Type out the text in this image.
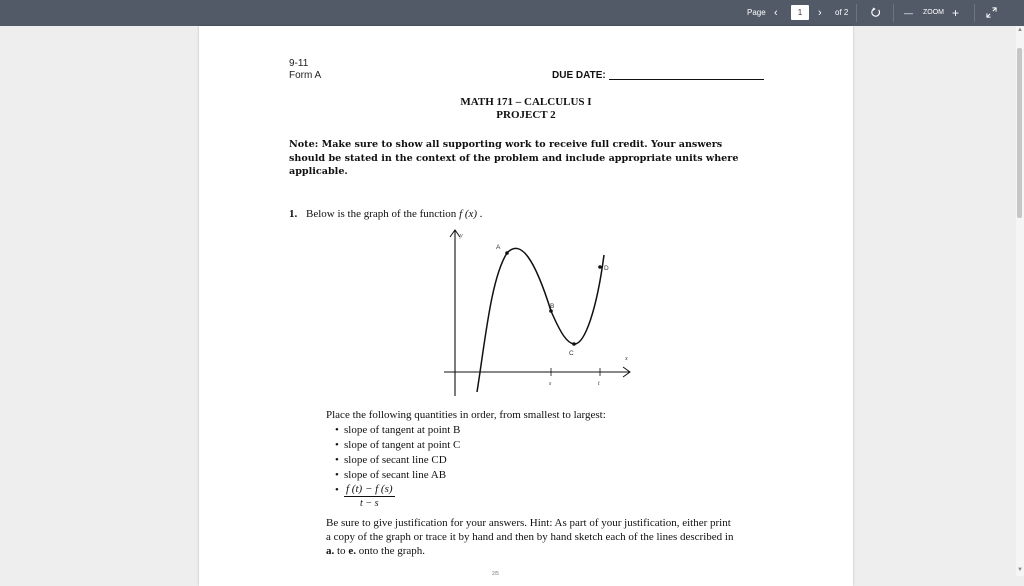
Page ‹	1	› of 2	— ZOOM +
▲
▼
9-11
Form A	DUE DATE:
MATH 171 – CALCULUS I
PROJECT 2
Note: Make sure to show all supporting work to receive full credit. Your answers should be stated in the context of the problem and include appropriate units where applicable.
1. Below is the graph of the function f (x) .
y
x
s	t
A
B
C
D
Place the following quantities in order, from smallest to largest:
• slope of tangent at point B
• slope of tangent at point C
• slope of secant line CD
• slope of secant line AB
• $\frac{f (t) - f (s)}{t - s}$
Be sure to give justification for your answers. Hint: As part of your justification, either print a copy of the graph or trace it by hand and then by hand sketch each of the lines described in a. to e. onto the graph.
2/5
